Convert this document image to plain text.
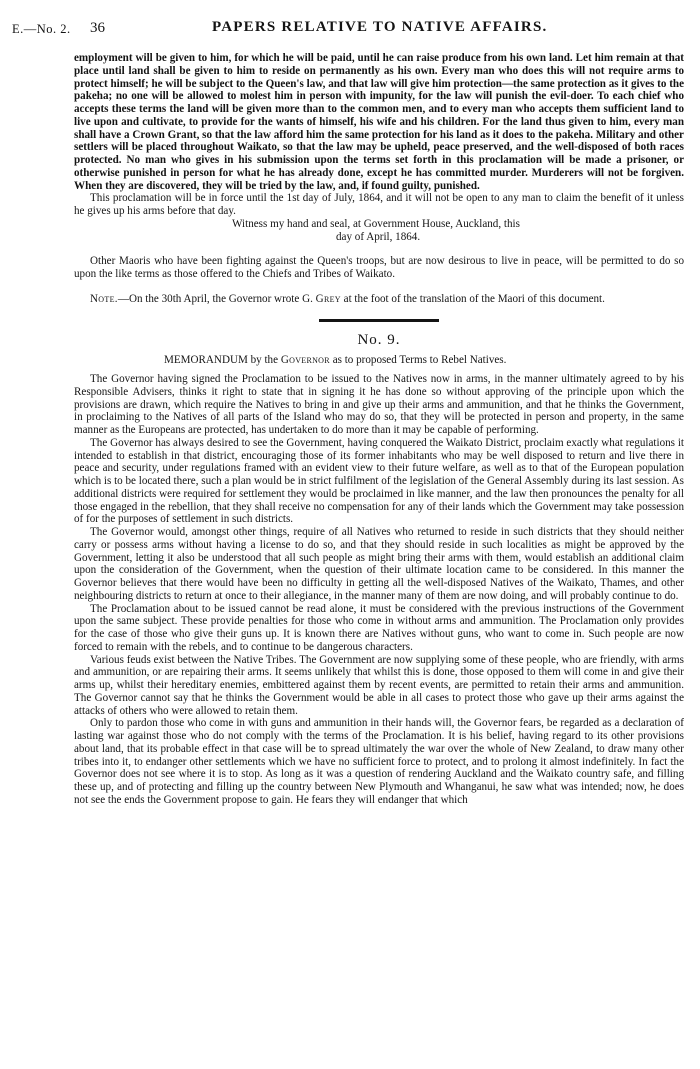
E.—No. 2. 36	PAPERS RELATIVE TO NATIVE AFFAIRS.

employment will be given to him, for which he will be paid, until he can raise produce from his own land. Let him remain at that place until land shall be given to him to reside on permanently as his own. Every man who does this will not require arms to protect himself; he will be subject to the Queen's law, and that law will give him protection—the same protection as it gives to the pakeha; no one will be allowed to molest him in person with impunity, for the law will punish the evil-doer. To each chief who accepts these terms the land will be given more than to the common men, and to every man who accepts them sufficient land to live upon and cultivate, to provide for the wants of himself, his wife and his children. For the land thus given to him, every man shall have a Crown Grant, so that the law afford him the same protection for his land as it does to the pakeha. Military and other settlers will be placed throughout Waikato, so that the law may be upheld, peace preserved, and the well-disposed of both races protected. No man who gives in his submission upon the terms set forth in this proclamation will be made a prisoner, or otherwise punished in person for what he has already done, except he has committed murder. Murderers will not be forgiven. When they are discovered, they will be tried by the law, and, if found guilty, punished.

This proclamation will be in force until the 1st day of July, 1864, and it will not be open to any man to claim the benefit of it unless he gives up his arms before that day.

Witness my hand and seal, at Government House, Auckland, this

day of April, 1864.

Other Maoris who have been fighting against the Queen's troops, but are now desirous to live in peace, will be permitted to do so upon the like terms as those offered to the Chiefs and Tribes of Waikato.

Note.—On the 30th April, the Governor wrote G. Grey at the foot of the translation of the Maori of this document.

No. 9.

MEMORANDUM by the Governor as to proposed Terms to Rebel Natives.

The Governor having signed the Proclamation to be issued to the Natives now in arms, in the manner ultimately agreed to by his Responsible Advisers, thinks it right to state that in signing it he has done so without approving of the principle upon which the provisions are drawn, which require the Natives to bring in and give up their arms and ammunition, and that he thinks the Government, in proclaiming to the Natives of all parts of the Island who may do so, that they will be protected in person and property, in the same manner as the Europeans are protected, has undertaken to do more than it may be capable of performing.

The Governor has always desired to see the Government, having conquered the Waikato District, proclaim exactly what regulations it intended to establish in that district, encouraging those of its former inhabitants who may be well disposed to return and live there in peace and security, under regulations framed with an evident view to their future welfare, as well as to that of the European population which is to be located there, such a plan would be in strict fulfilment of the legislation of the General Assembly during its last session. As additional districts were required for settlement they would be proclaimed in like manner, and the law then pronounces the penalty for all those engaged in the rebellion, that they shall receive no compensation for any of their lands which the Government may take possession of for the purposes of settlement in such districts.

The Governor would, amongst other things, require of all Natives who returned to reside in such districts that they should neither carry or possess arms without having a license to do so, and that they should reside in such localities as might be approved by the Government, letting it also be understood that all such people as might bring their arms with them, would establish an additional claim upon the consideration of the Government, when the question of their ultimate location came to be considered. In this manner the Governor believes that there would have been no difficulty in getting all the well-disposed Natives of the Waikato, Thames, and other neighbouring districts to return at once to their allegiance, in the manner many of them are now doing, and will probably continue to do.

The Proclamation about to be issued cannot be read alone, it must be considered with the previous instructions of the Government upon the same subject. These provide penalties for those who come in without arms and ammunition. The Proclamation only provides for the case of those who give their guns up. It is known there are Natives without guns, who want to come in. Such people are now forced to remain with the rebels, and to continue to be dangerous characters.

Various feuds exist between the Native Tribes. The Government are now supplying some of these people, who are friendly, with arms and ammunition, or are repairing their arms. It seems unlikely that whilst this is done, those opposed to them will come in and give their arms up, whilst their hereditary enemies, embittered against them by recent events, are permitted to retain their arms and ammunition. The Governor cannot say that he thinks the Government would be able in all cases to protect those who gave up their arms against the attacks of others who were allowed to retain them.

Only to pardon those who come in with guns and ammunition in their hands will, the Governor fears, be regarded as a declaration of lasting war against those who do not comply with the terms of the Proclamation. It is his belief, having regard to its other provisions about land, that its probable effect in that case will be to spread ultimately the war over the whole of New Zealand, to draw many other tribes into it, to endanger other settlements which we have no sufficient force to protect, and to prolong it almost indefinitely. In fact the Governor does not see where it is to stop. As long as it was a question of rendering Auckland and the Waikato country safe, and filling these up, and of protecting and filling up the country between New Plymouth and Whanganui, he saw what was intended; now, he does not see the ends the Government propose to gain. He fears they will endanger that which
